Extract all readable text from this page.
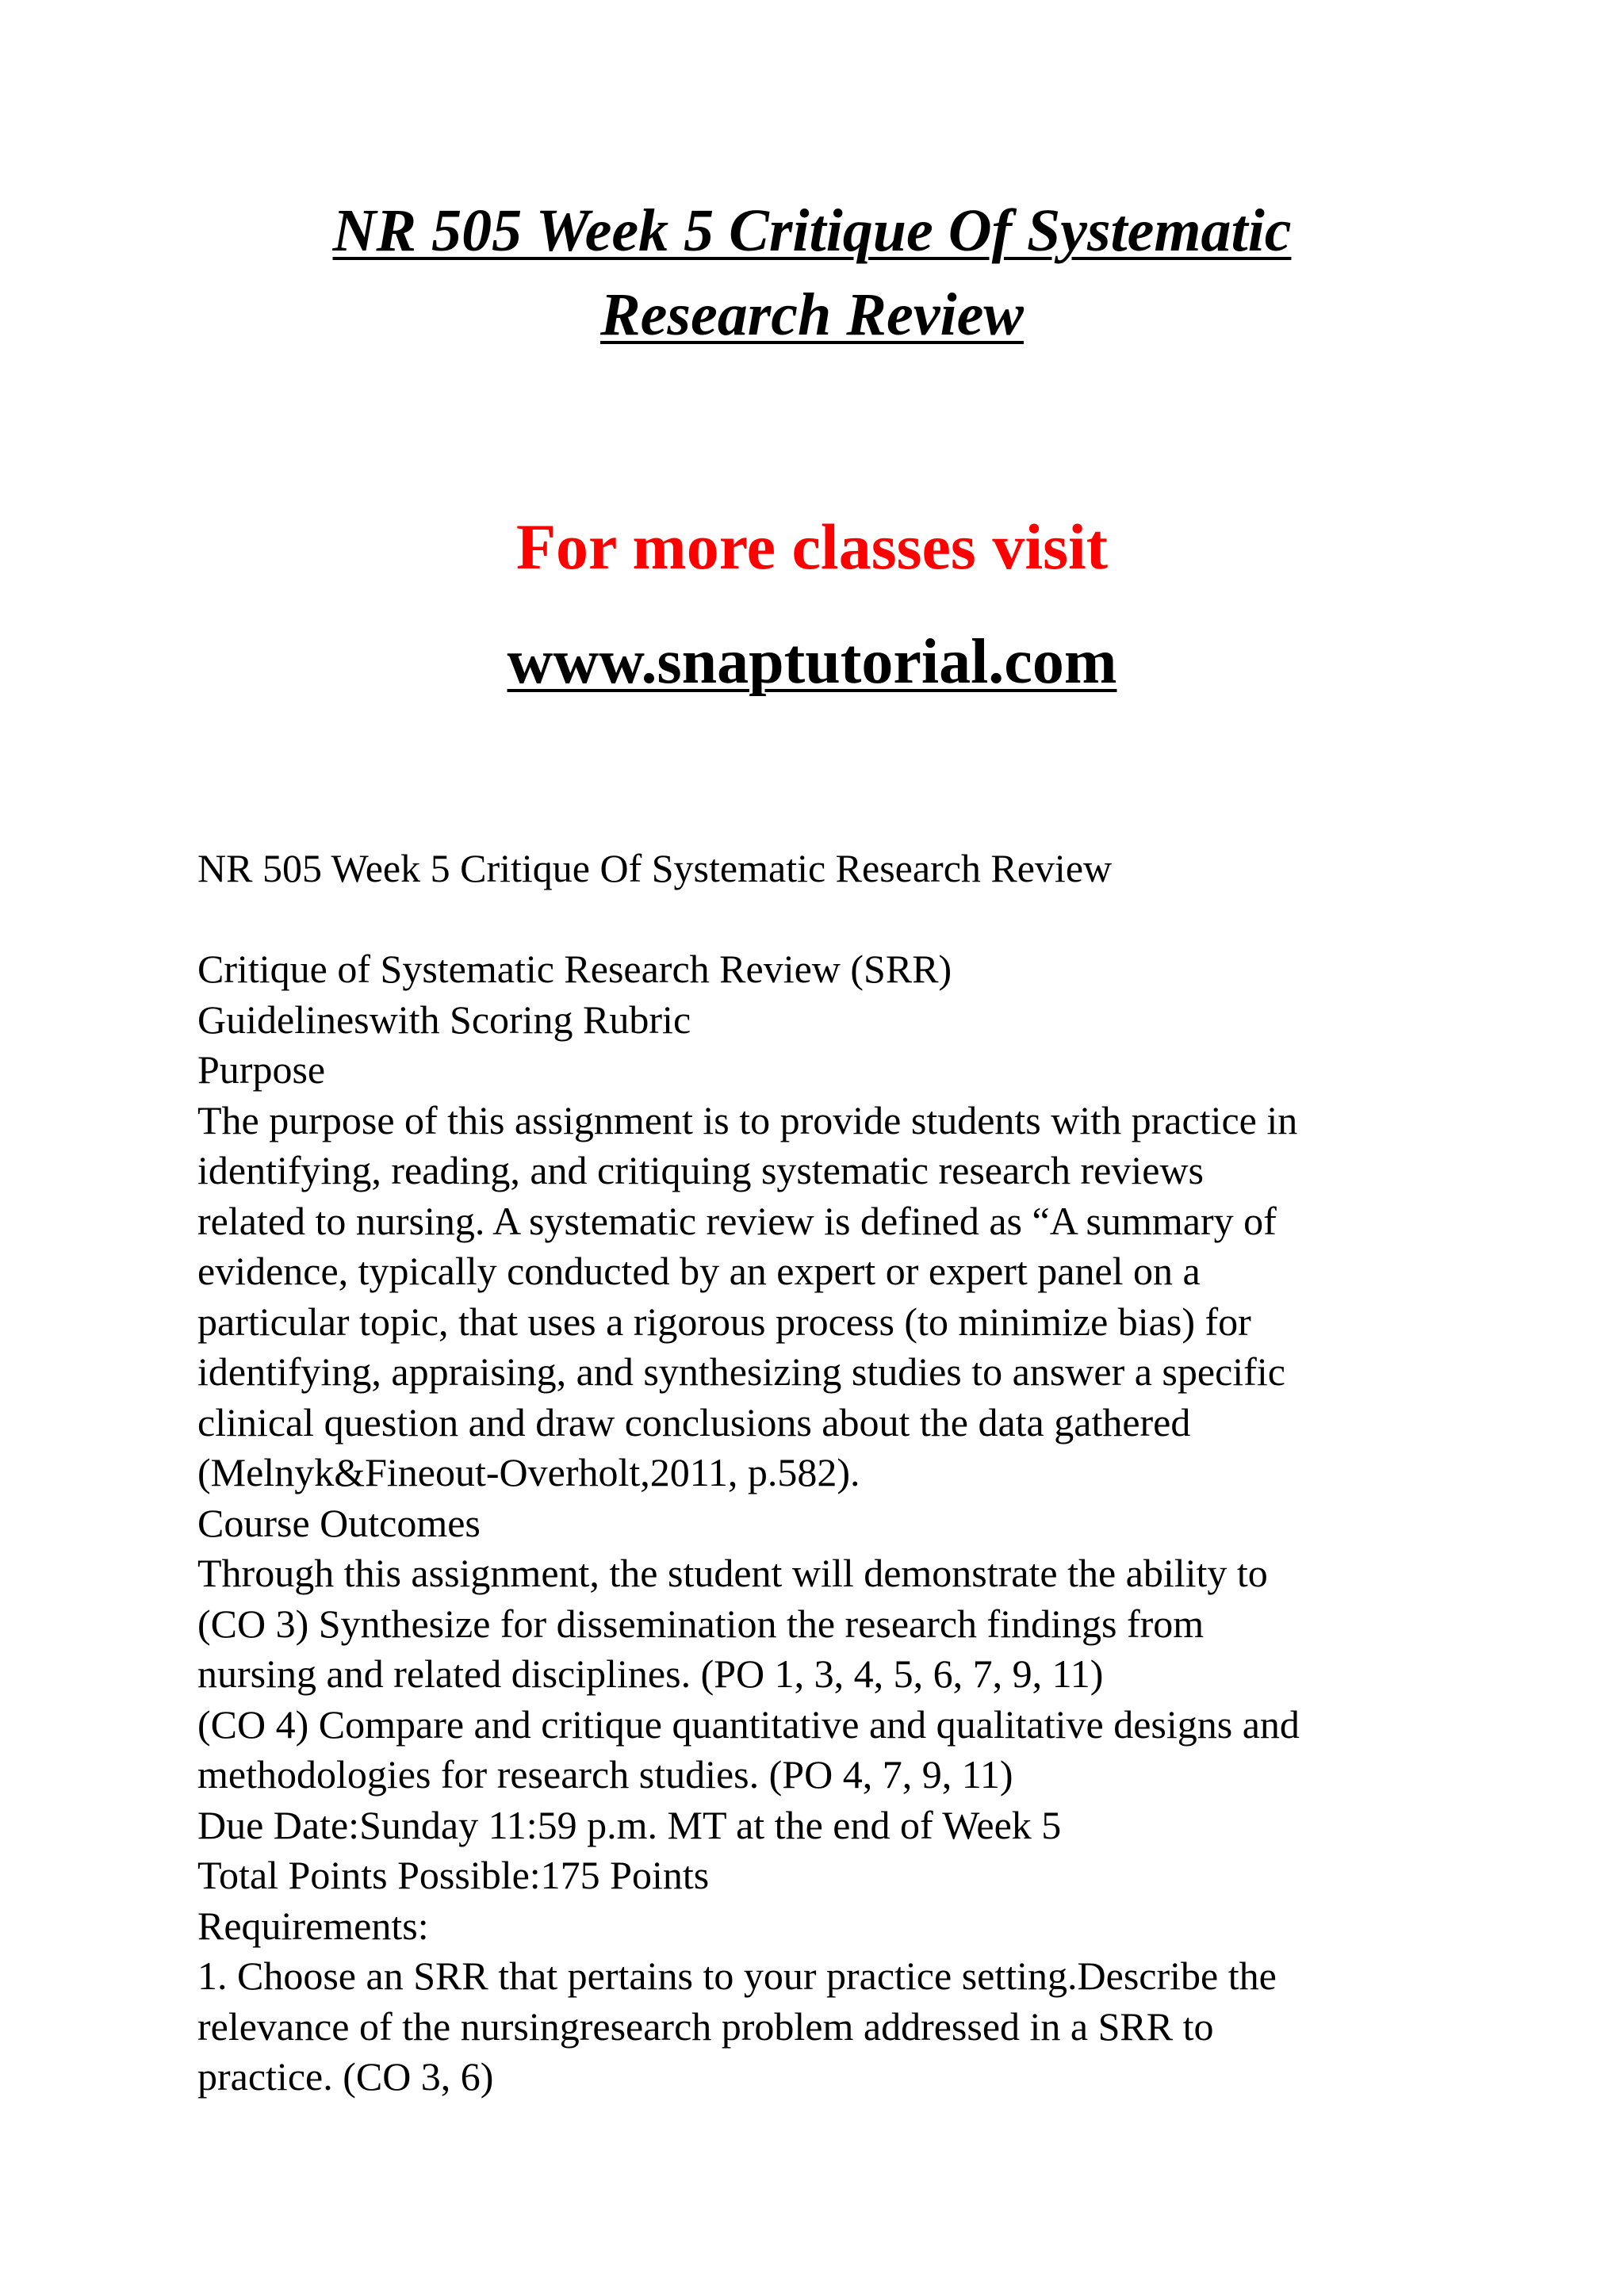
NR 505 Week 5 Critique Of Systematic
Research Review
For more classes visit
www.snaptutorial.com
NR 505 Week 5 Critique Of Systematic Research Review
Critique of Systematic Research Review (SRR)
Guidelineswith Scoring Rubric
Purpose
The purpose of this assignment is to provide students with practice in
identifying, reading, and critiquing systematic research reviews
related to nursing. A systematic review is defined as “A summary of
evidence, typically conducted by an expert or expert panel on a
particular topic, that uses a rigorous process (to minimize bias) for
identifying, appraising, and synthesizing studies to answer a specific
clinical question and draw conclusions about the data gathered
(Melnyk&Fineout-Overholt,2011, p.582).
Course Outcomes
Through this assignment, the student will demonstrate the ability to
(CO 3) Synthesize for dissemination the research findings from
nursing and related disciplines. (PO 1, 3, 4, 5, 6, 7, 9, 11)
(CO 4) Compare and critique quantitative and qualitative designs and
methodologies for research studies. (PO 4, 7, 9, 11)
Due Date:Sunday 11:59 p.m. MT at the end of Week 5
Total Points Possible:175 Points
Requirements:
1. Choose an SRR that pertains to your practice setting.Describe the
relevance of the nursingresearch problem addressed in a SRR to
practice. (CO 3, 6)
